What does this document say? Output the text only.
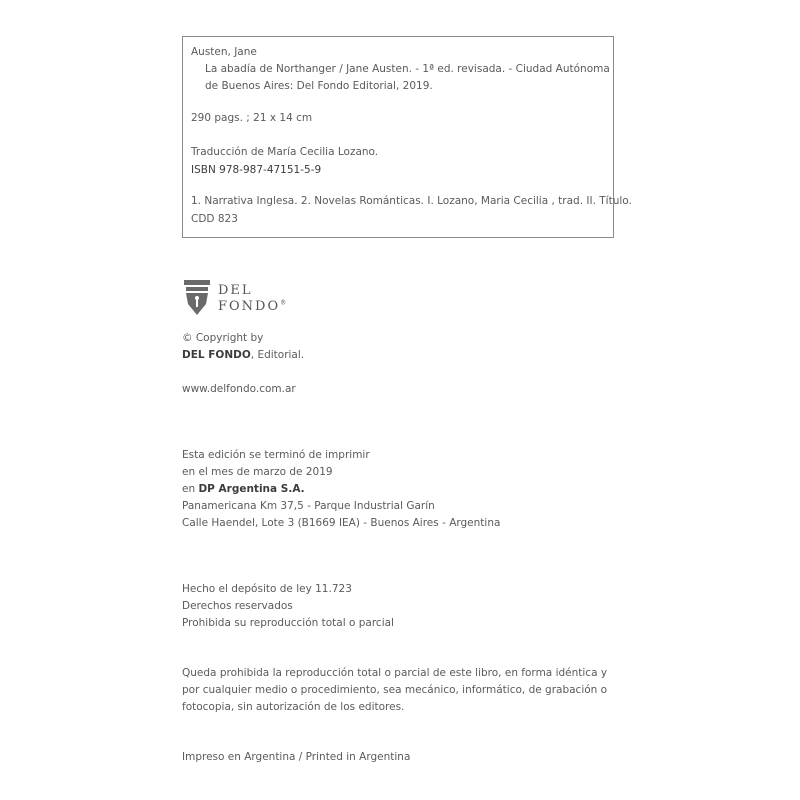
Austen, Jane
La abadía de Northanger / Jane Austen. - 1ª ed. revisada. - Ciudad Autónoma
de Buenos Aires: Del Fondo Editorial, 2019.
290 pags. ; 21 x 14 cm
Traducción de María Cecilia Lozano.
ISBN 978-987-47151-5-9
1. Narrativa Inglesa. 2. Novelas Románticas. I. Lozano, Maria Cecilia , trad. II. Título.
CDD 823
DEL
FONDO®
© Copyright by
DEL FONDO, Editorial.
www.delfondo.com.ar
Esta edición se terminó de imprimir
en el mes de marzo de 2019
en DP Argentina S.A.
Panamericana Km 37,5 - Parque Industrial Garín
Calle Haendel, Lote 3 (B1669 IEA) - Buenos Aires - Argentina
Hecho el depósito de ley 11.723
Derechos reservados
Prohibida su reproducción total o parcial
Queda prohibida la reproducción total o parcial de este libro, en forma idéntica y
por cualquier medio o procedimiento, sea mecánico, informático, de grabación o
fotocopia, sin autorización de los editores.
Impreso en Argentina / Printed in Argentina
